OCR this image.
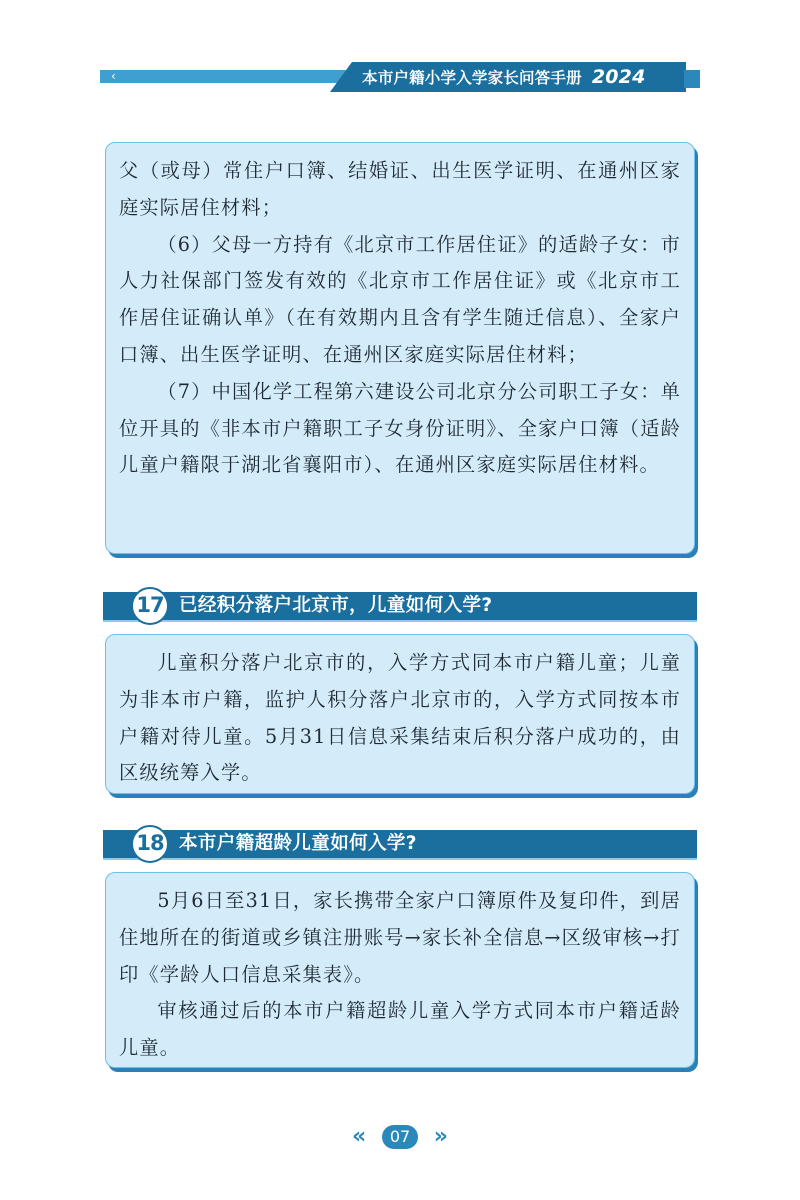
‹	本市户籍小学入学家长问答手册 2024

父（或母）常住户口簿、结婚证、出生医学证明、在通州区家庭实际居住材料；

（6）父母一方持有《北京市工作居住证》的适龄子女：市人力社保部门签发有效的《北京市工作居住证》或《北京市工作居住证确认单》（在有效期内且含有学生随迁信息）、全家户口簿、出生医学证明、在通州区家庭实际居住材料；

（7）中国化学工程第六建设公司北京分公司职工子女：单位开具的《非本市户籍职工子女身份证明》、全家户口簿（适龄儿童户籍限于湖北省襄阳市）、在通州区家庭实际居住材料。

17 已经积分落户北京市，儿童如何入学?

儿童积分落户北京市的，入学方式同本市户籍儿童；儿童为非本市户籍，监护人积分落户北京市的，入学方式同按本市户籍对待儿童。5月31日信息采集结束后积分落户成功的，由区级统筹入学。

18 本市户籍超龄儿童如何入学?

5月6日至31日，家长携带全家户口簿原件及复印件，到居住地所在的街道或乡镇注册账号→家长补全信息→区级审核→打印《学龄人口信息采集表》。

审核通过后的本市户籍超龄儿童入学方式同本市户籍适龄儿童。

«	07	»
